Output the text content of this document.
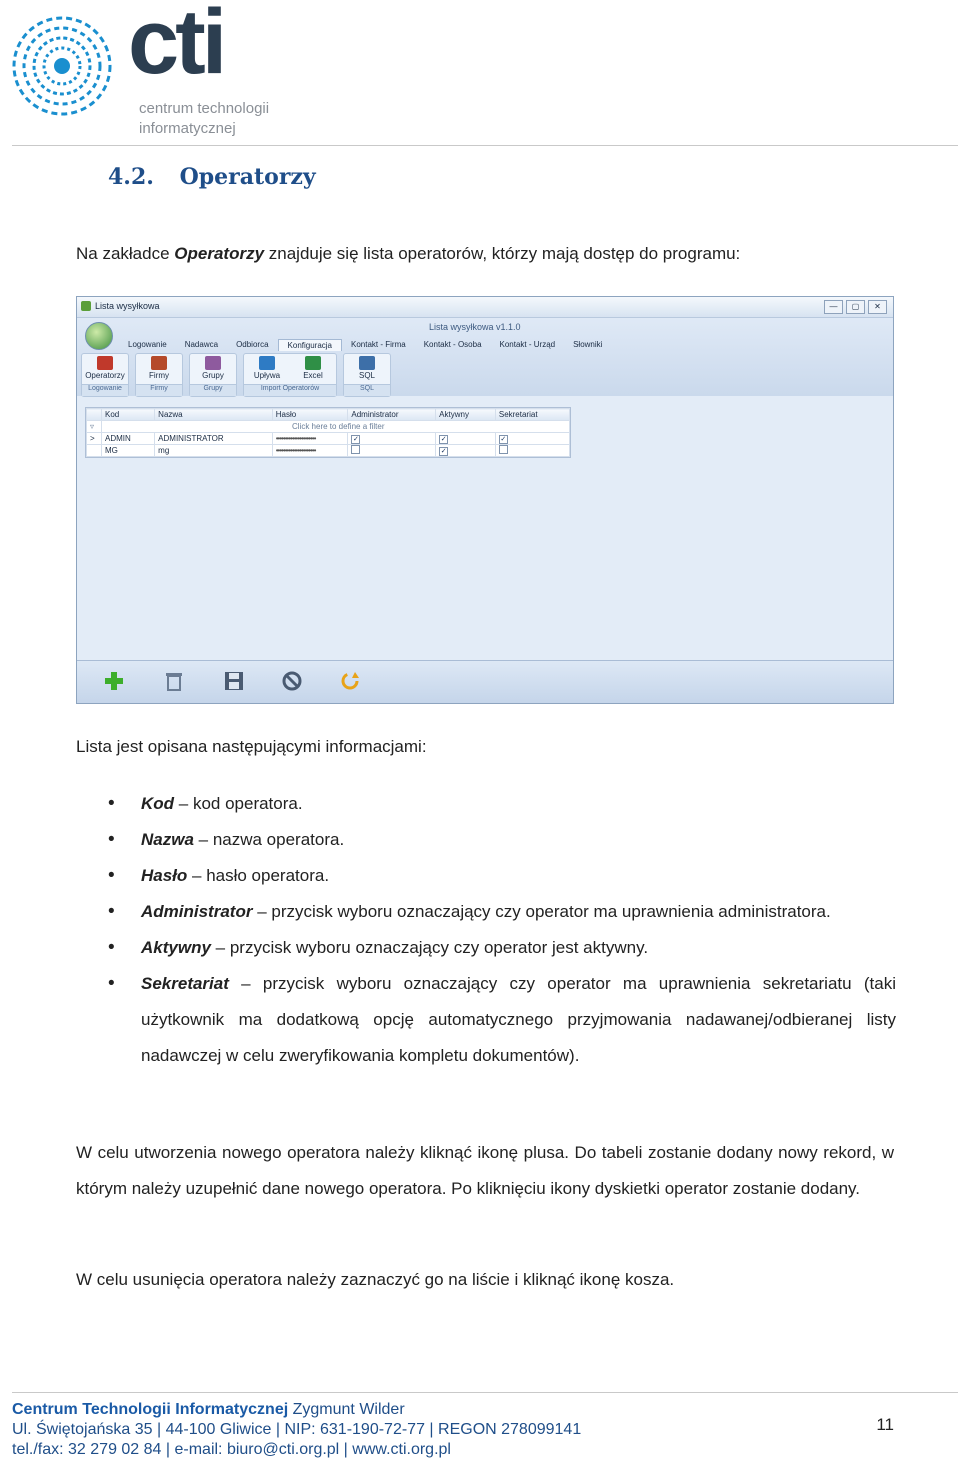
cti
centrum technologii
informatycznej
4.2. Operatorzy

Na zakładce Operatorzy znajduje się lista operatorów, którzy mają dostęp do programu:

Lista wysyłkowa	—	▢	✕
Lista wysyłkowa v1.1.0
Logowanie	Nadawca	Odbiorca	Konfiguracja	Kontakt - Firma	Kontakt - Osoba	Kontakt - Urząd	Słowniki
Operatorzy
Logowanie
Firmy
Firmy
Grupy
Grupy
Upływa	Excel
Import Operatorów
SQL
SQL
	Kod	Nazwa	Hasło	Administrator	Aktywny	Sekretariat
▿	Click here to define a filter					
>	ADMIN	ADMINISTRATOR	••••••••••••••••••••••	✓	✓	✓
	MG	mg	••••••••••••••••••••••		✓	

Lista jest opisana następującymi informacjami:

• Kod – kod operatora.
• Nazwa – nazwa operatora.
• Hasło – hasło operatora.
• Administrator – przycisk wyboru oznaczający czy operator ma uprawnienia administratora.
• Aktywny – przycisk wyboru oznaczający czy operator jest aktywny.
• Sekretariat – przycisk wyboru oznaczający czy operator ma uprawnienia sekretariatu (taki użytkownik ma dodatkową opcję automatycznego przyjmowania nadawanej/odbieranej listy nadawczej w celu zweryfikowania kompletu dokumentów).

W celu utworzenia nowego operatora należy kliknąć ikonę plusa. Do tabeli zostanie dodany nowy rekord, w którym należy uzupełnić dane nowego operatora. Po kliknięciu ikony dyskietki operator zostanie dodany.

W celu usunięcia operatora należy zaznaczyć go na liście i kliknąć ikonę kosza.

Centrum Technologii Informatycznej Zygmunt Wilder
Ul. Świętojańska 35 | 44-100 Gliwice | NIP: 631-190-72-77 | REGON 278099141
tel./fax: 32 279 02 84 | e-mail: biuro@cti.org.pl | www.cti.org.pl
11
